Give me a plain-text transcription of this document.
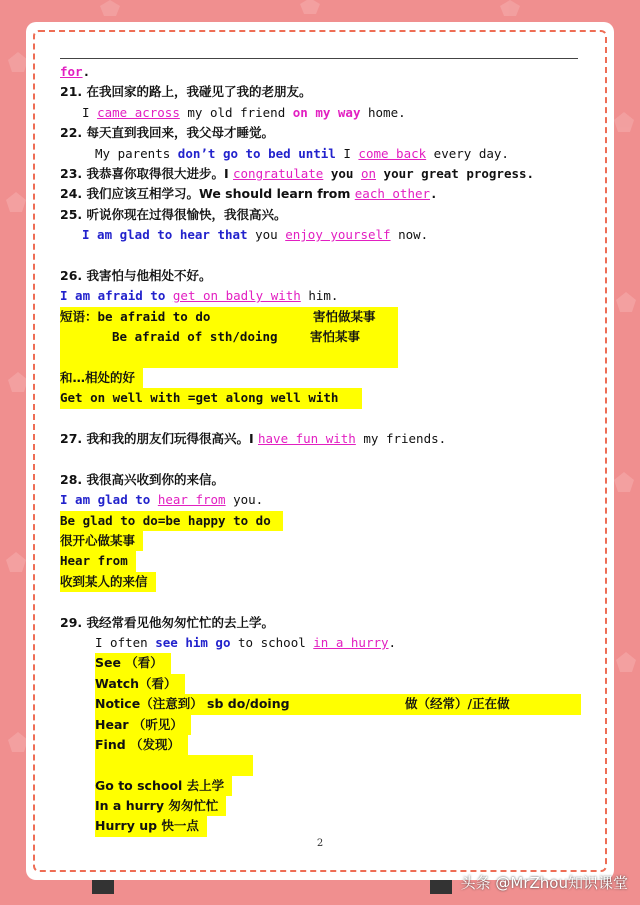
for.
21. 在我回家的路上，我碰见了我的老朋友。
I came across my old friend on my way home.
22. 每天直到我回来，我父母才睡觉。
My parents don’t go to bed until I come back every day.
23. 我恭喜你取得很大进步。I congratulate you on your great progress.
24. 我们应该互相学习。We should learn from each other.
25. 听说你现在过得很愉快，我很高兴。
I am glad to hear that you enjoy yourself now.
26. 我害怕与他相处不好。
I am afraid to get on badly with him.
短语：be afraid to do	害怕做某事
Be afraid of sth/doing	害怕某事
和…相处的好
Get on well with =get along well with
27. 我和我的朋友们玩得很高兴。I have fun with my friends.
28. 我很高兴收到你的来信。
I am glad to hear from you.
Be glad to do=be happy to do
很开心做某事
Hear from
收到某人的来信
29. 我经常看见他匆匆忙忙的去上学。
I often see him go to school in a hurry.
See （看）
Watch（看）
Notice（注意到） sb do/doing	做（经常）/正在做
Hear （听见）
Find （发现）
Go to school 去上学
In a hurry 匆匆忙忙
Hurry up 快一点
2
头条 @MrZhou知识课堂
